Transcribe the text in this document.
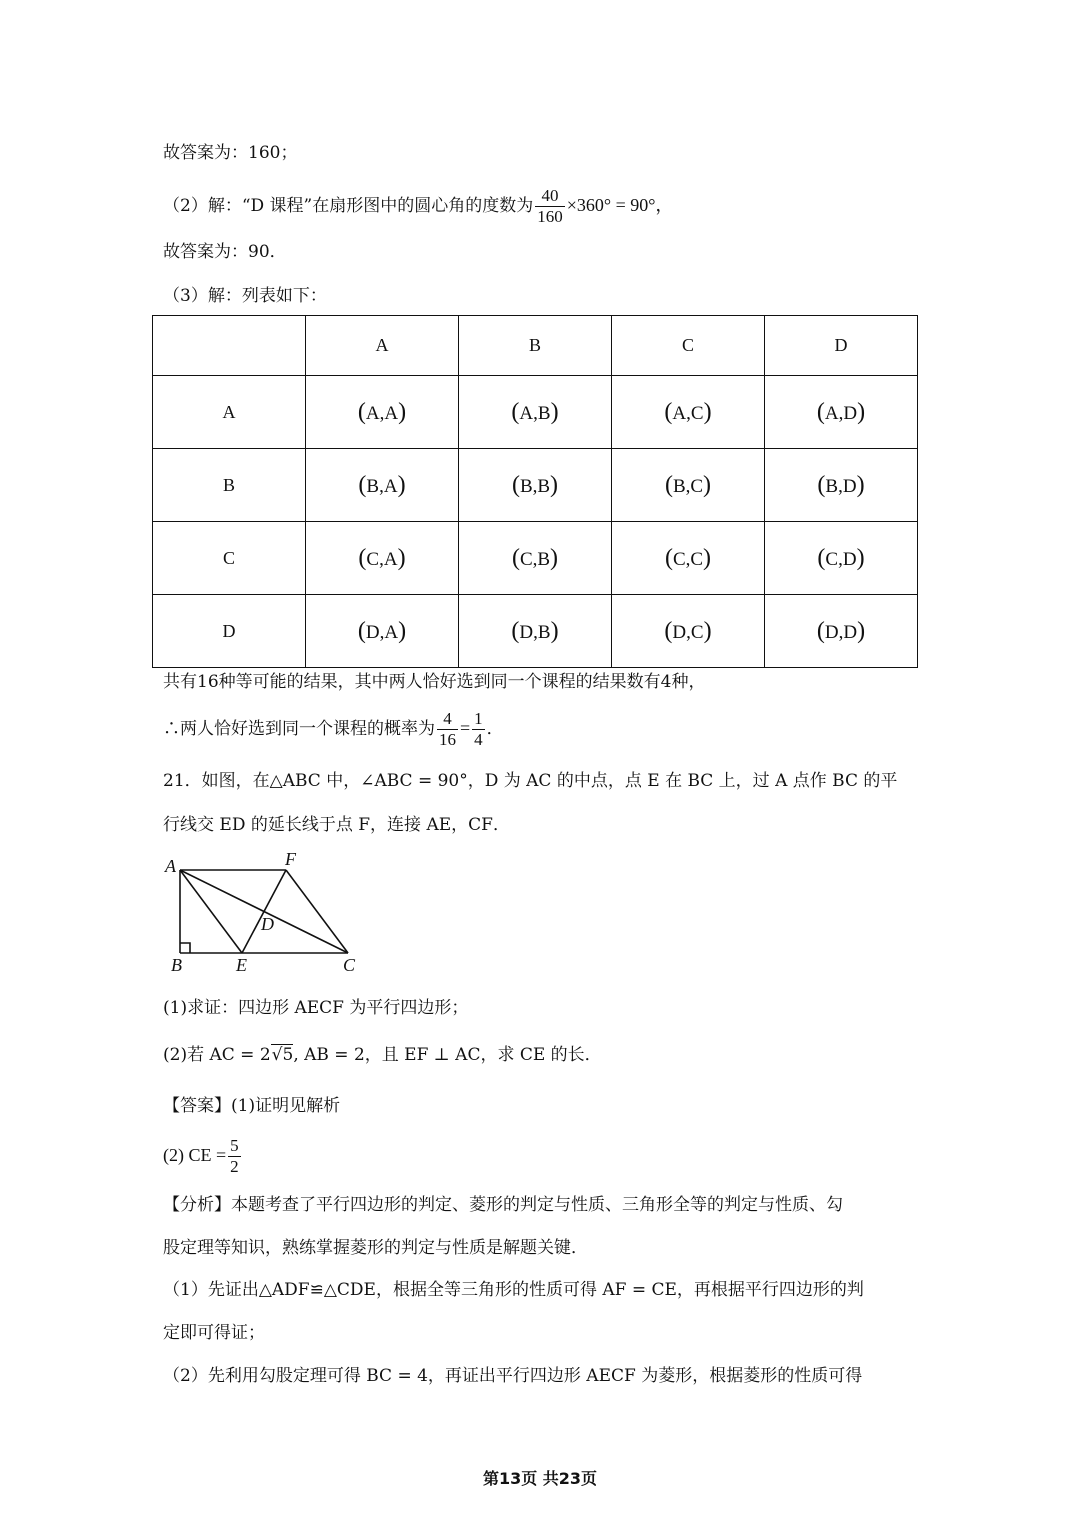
故答案为：160；
（2）解：“D 课程”在扇形图中的圆心角的度数为 $\frac{40}{160} \times 360^\circ = 90^\circ$，
故答案为：90．
（3）解：列表如下：
	A	B	C	D
A	(A,A)	(A,B)	(A,C)	(A,D)
B	(B,A)	(B,B)	(B,C)	(B,D)
C	(C,A)	(C,B)	(C,C)	(C,D)
D	(D,A)	(D,B)	(D,C)	(D,D)
共有16种等可能的结果，其中两人恰好选到同一个课程的结果数有4种，
∴两人恰好选到同一个课程的概率为 $\frac{4}{16} = \frac{1}{4}$ ．
21．如图，在△ABC 中，∠ABC = 90°，D 为 AC 的中点，点 E 在 BC 上，过 A 点作 BC 的平
行线交 ED 的延长线于点 F，连接 AE，CF．
A	F
D
B	E	C
(1)求证：四边形 AECF 为平行四边形；
(2)若 AC = 2√5, AB = 2，且 EF ⊥ AC，求 CE 的长．
【答案】(1)证明见解析
(2) CE = $\frac{5}{2}$
【分析】本题考查了平行四边形的判定、菱形的判定与性质、三角形全等的判定与性质、勾
股定理等知识，熟练掌握菱形的判定与性质是解题关键．
（1）先证出△ADF≌△CDE，根据全等三角形的性质可得 AF = CE，再根据平行四边形的判
定即可得证；
（2）先利用勾股定理可得 BC = 4，再证出平行四边形 AECF 为菱形，根据菱形的性质可得
第13页 共23页
